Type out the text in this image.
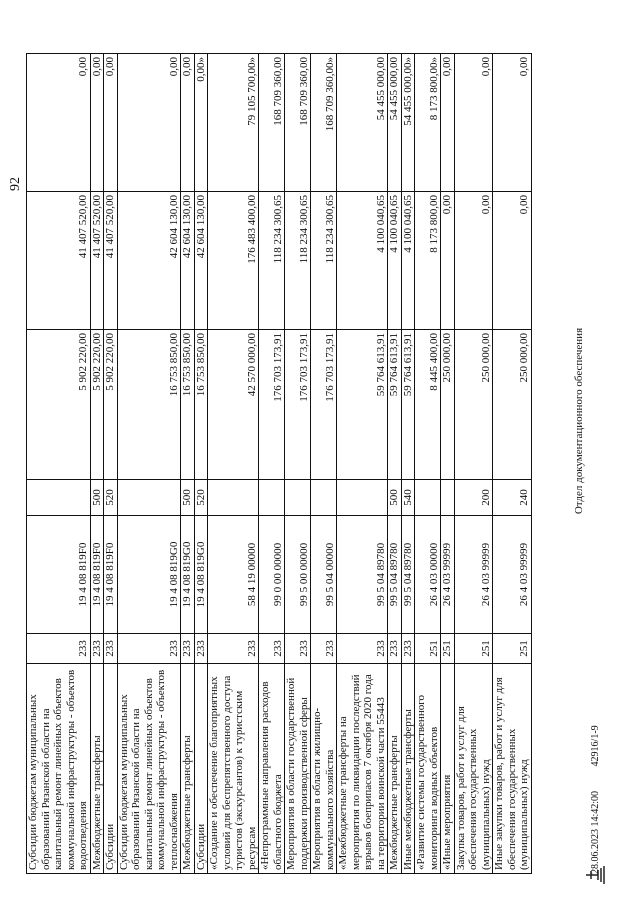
92
Субсидии бюджетам муниципальных образований Рязанской области на капитальный ремонт линейных объектов коммунальной инфраструктуры - объектов водоотведения	233	19 4 08 819F0		5 902 220,00	41 407 520,00	0,00
Межбюджетные трансферты	233	19 4 08 819F0	500	5 902 220,00	41 407 520,00	0,00
Субсидии	233	19 4 08 819F0	520	5 902 220,00	41 407 520,00	0,00
Субсидии бюджетам муниципальных образований Рязанской области на капитальный ремонт линейных объектов коммунальной инфраструктуры - объектов теплоснабжения	233	19 4 08 819G0		16 753 850,00	42 604 130,00	0,00
Межбюджетные трансферты	233	19 4 08 819G0	500	16 753 850,00	42 604 130,00	0,00
Субсидии	233	19 4 08 819G0	520	16 753 850,00	42 604 130,00	0,00»
«Создание и обеспечение благоприятных условий для беспрепятственного доступа туристов (экскурсантов) к туристским ресурсам	233	58 4 19 00000		42 570 000,00	176 483 400,00	79 105 700,00»
«Непрограммные направления расходов областного бюджета	233	99 0 00 00000		176 703 173,91	118 234 300,65	168 709 360,00
Мероприятия в области государственной поддержки производственной сферы	233	99 5 00 00000		176 703 173,91	118 234 300,65	168 709 360,00
Мероприятия в области жилищно-коммунального хозяйства	233	99 5 04 00000		176 703 173,91	118 234 300,65	168 709 360,00»
«Межбюджетные трансферты на мероприятия по ликвидации последствий взрывов боеприпасов 7 октября 2020 года на территории воинской части 55443	233	99 5 04 89780		59 764 613,91	4 100 040,65	54 455 000,00
Межбюджетные трансферты	233	99 5 04 89780	500	59 764 613,91	4 100 040,65	54 455 000,00
Иные межбюджетные трансферты	233	99 5 04 89780	540	59 764 613,91	4 100 040,65	54 455 000,00»
«Развитие системы государственного мониторинга водных объектов	251	26 4 03 00000		8 445 400,00	8 173 800,00	8 173 800,00»
«Иные мероприятия	251	26 4 03 99999		250 000,00	0,00	0,00
Закупка товаров, работ и услуг для обеспечения государственных (муниципальных) нужд	251	26 4 03 99999	200	250 000,00	0,00	0,00
Иные закупки товаров, работ и услуг для обеспечения государственных (муниципальных) нужд	251	26 4 03 99999	240	250 000,00	0,00	0,00
Отдел документационного обеспечения
28.06.2023 14:42:00 42916/1-9
